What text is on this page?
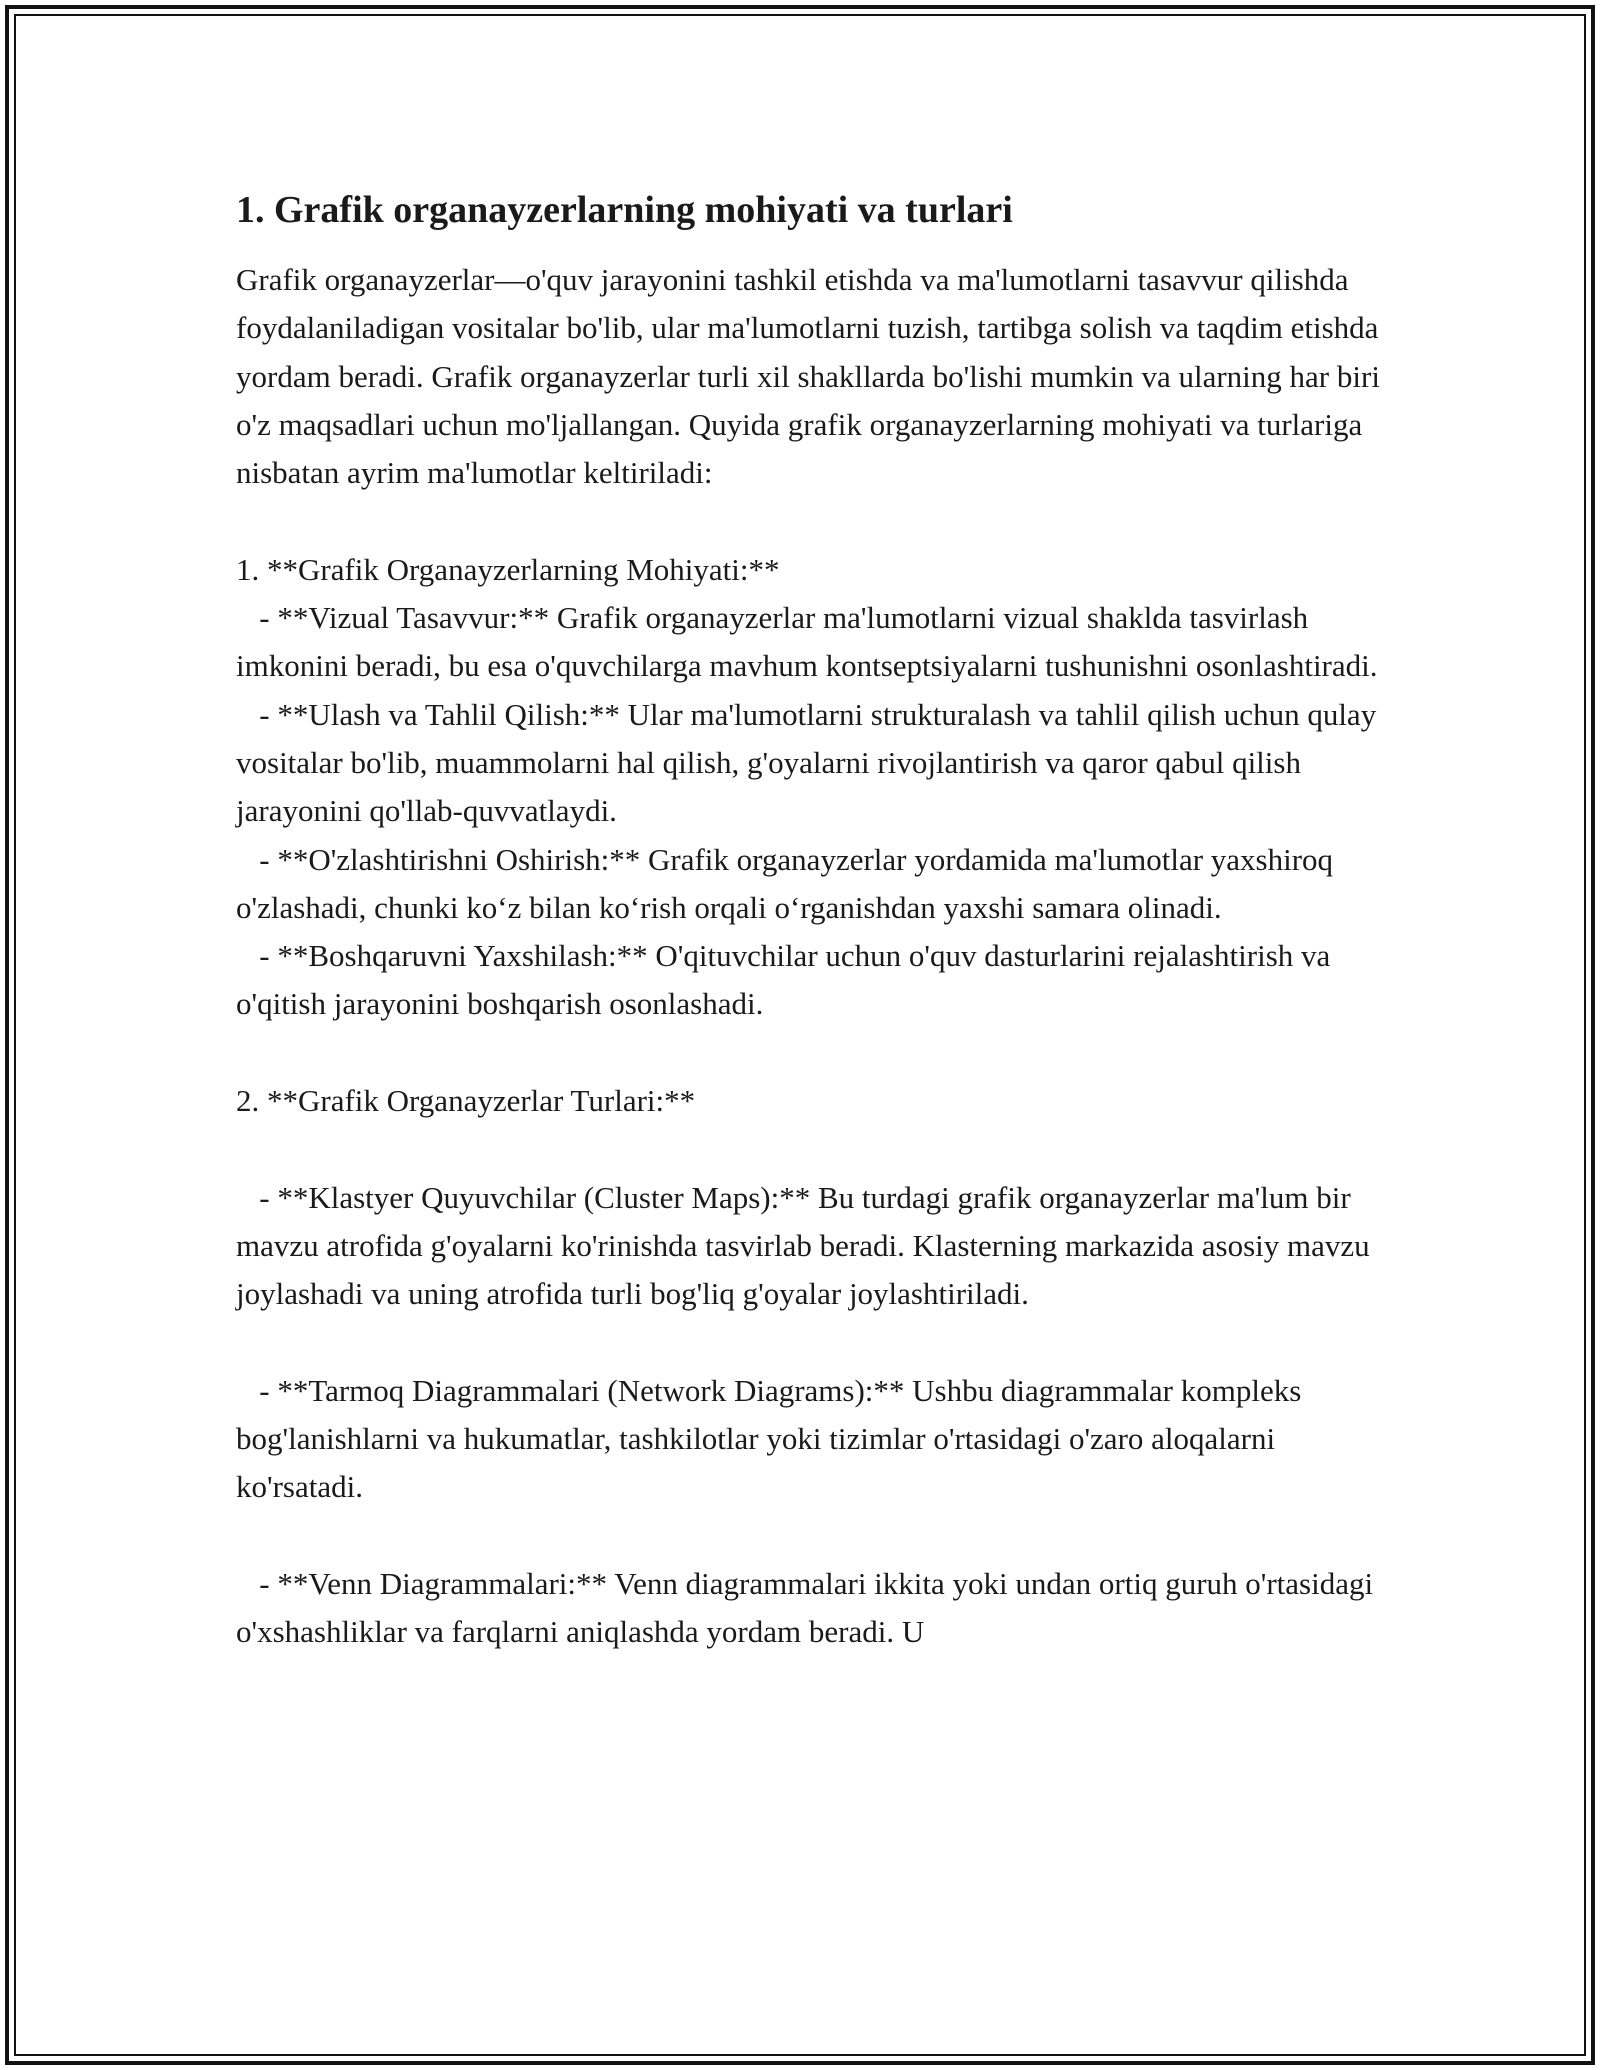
1. Grafik organayzerlarning mohiyati va turlari

Grafik organayzerlar—o'quv jarayonini tashkil etishda va ma'lumotlarni tasavvur qilishda foydalaniladigan vositalar bo'lib, ular ma'lumotlarni tuzish, tartibga solish va taqdim etishda yordam beradi. Grafik organayzerlar turli xil shakllarda bo'lishi mumkin va ularning har biri o'z maqsadlari uchun mo'ljallangan. Quyida grafik organayzerlarning mohiyati va turlariga nisbatan ayrim ma'lumotlar keltiriladi:

1. **Grafik Organayzerlarning Mohiyati:**

- **Vizual Tasavvur:** Grafik organayzerlar ma'lumotlarni vizual shaklda tasvirlash imkonini beradi, bu esa o'quvchilarga mavhum kontseptsiyalarni tushunishni osonlashtiradi.

- **Ulash va Tahlil Qilish:** Ular ma'lumotlarni strukturalash va tahlil qilish uchun qulay vositalar bo'lib, muammolarni hal qilish, g'oyalarni rivojlantirish va qaror qabul qilish jarayonini qo'llab-quvvatlaydi.

- **O'zlashtirishni Oshirish:** Grafik organayzerlar yordamida ma'lumotlar yaxshiroq o'zlashadi, chunki koʻz bilan koʻrish orqali oʻrganishdan yaxshi samara olinadi.

- **Boshqaruvni Yaxshilash:** O'qituvchilar uchun o'quv dasturlarini rejalashtirish va o'qitish jarayonini boshqarish osonlashadi.

2. **Grafik Organayzerlar Turlari:**

- **Klastyer Quyuvchilar (Cluster Maps):** Bu turdagi grafik organayzerlar ma'lum bir mavzu atrofida g'oyalarni ko'rinishda tasvirlab beradi. Klasterning markazida asosiy mavzu joylashadi va uning atrofida turli bog'liq g'oyalar joylashtiriladi.

- **Tarmoq Diagrammalari (Network Diagrams):** Ushbu diagrammalar kompleks bog'lanishlarni va hukumatlar, tashkilotlar yoki tizimlar o'rtasidagi o'zaro aloqalarni ko'rsatadi.

- **Venn Diagrammalari:** Venn diagrammalari ikkita yoki undan ortiq guruh o'rtasidagi o'xshashliklar va farqlarni aniqlashda yordam beradi. U
